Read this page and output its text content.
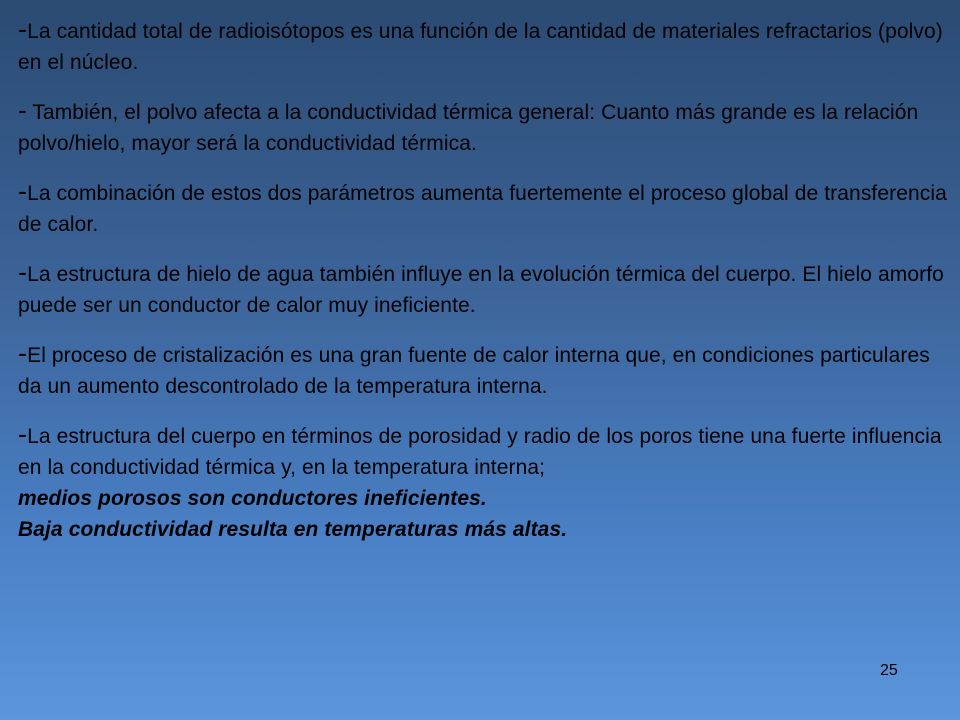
-La cantidad total de radioisótopos es una función de la cantidad de materiales refractarios (polvo) en el núcleo.

- También, el polvo afecta a la conductividad térmica general: Cuanto más grande es la relación polvo/hielo, mayor será la conductividad térmica.

-La combinación de estos dos parámetros aumenta fuertemente el proceso global de transferencia de calor.

-La estructura de hielo de agua también influye en la evolución térmica del cuerpo. El hielo amorfo puede ser un conductor de calor muy ineficiente.

-El proceso de cristalización es una gran fuente de calor interna que, en condiciones particulares da un aumento descontrolado de la temperatura interna.

-La estructura del cuerpo en términos de porosidad y radio de los poros tiene una fuerte influencia en la conductividad térmica y, en la temperatura interna;
medios porosos son conductores ineficientes.
Baja conductividad resulta en temperaturas más altas.

25
